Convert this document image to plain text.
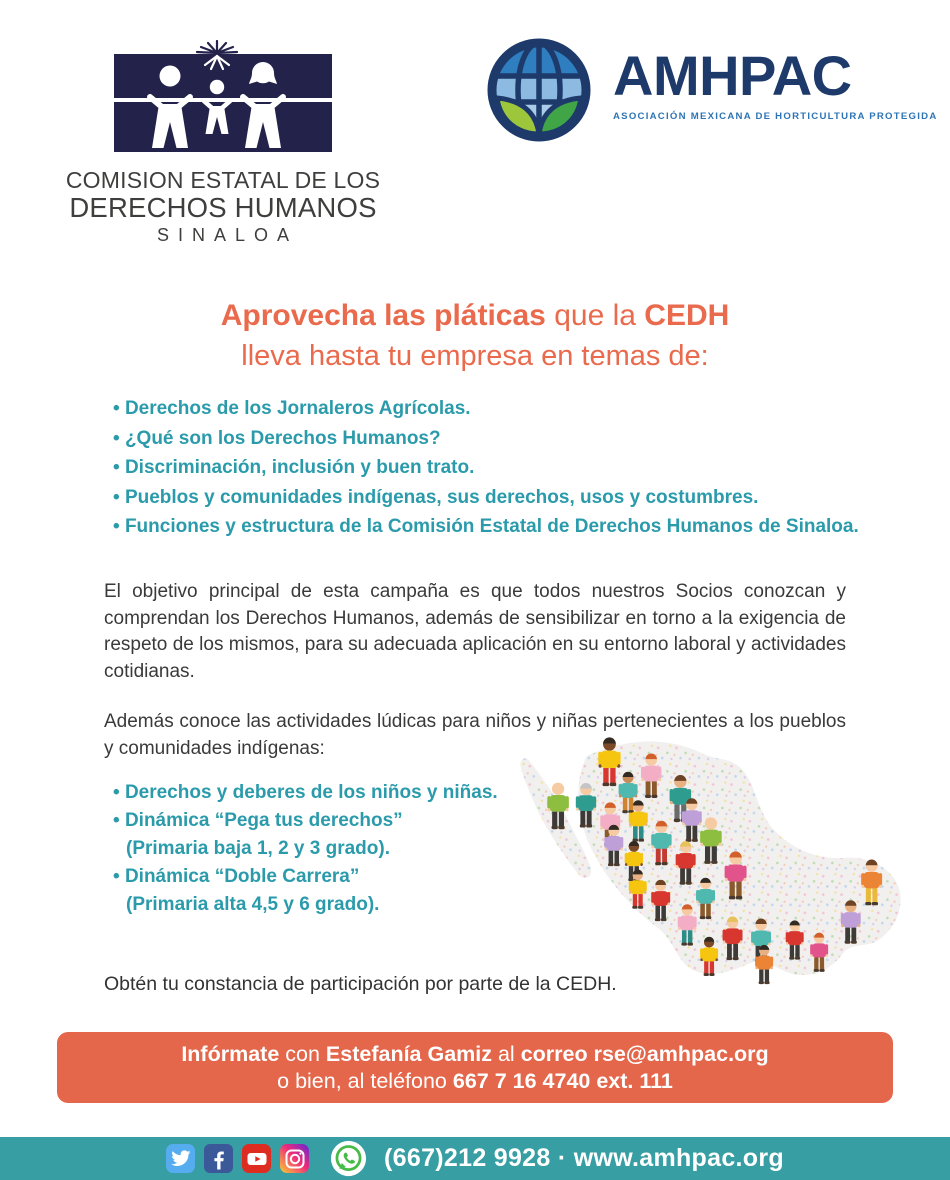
COMISION ESTATAL DE LOS
DERECHOS HUMANOS
SINALOA
AMHPAC
ASOCIACIÓN MEXICANA DE HORTICULTURA PROTEGIDA
Aprovecha las pláticas que la CEDH
lleva hasta tu empresa en temas de:
• Derechos de los Jornaleros Agrícolas.
• ¿Qué son los Derechos Humanos?
• Discriminación, inclusión y buen trato.
• Pueblos y comunidades indígenas, sus derechos, usos y costumbres.
• Funciones y estructura de la Comisión Estatal de Derechos Humanos de Sinaloa.

El objetivo principal de esta campaña es que todos nuestros Socios conozcan y comprendan los Derechos Humanos, además de sensibilizar en torno a la exigencia de respeto de los mismos, para su adecuada aplicación en su entorno laboral y actividades cotidianas.

Además conoce las actividades lúdicas para niños y niñas pertenecientes a los pueblos y comunidades indígenas:

• Derechos y deberes de los niños y niñas.
• Dinámica “Pega tus derechos”
(Primaria baja 1, 2 y 3 grado).
• Dinámica “Doble Carrera”
(Primaria alta 4,5 y 6 grado).

Obtén tu constancia de participación por parte de la CEDH.

Infórmate con Estefanía Gamiz al correo rse@amhpac.org
o bien, al teléfono 667 7 16 4740 ext. 111
(667)212 9928 · www.amhpac.org
